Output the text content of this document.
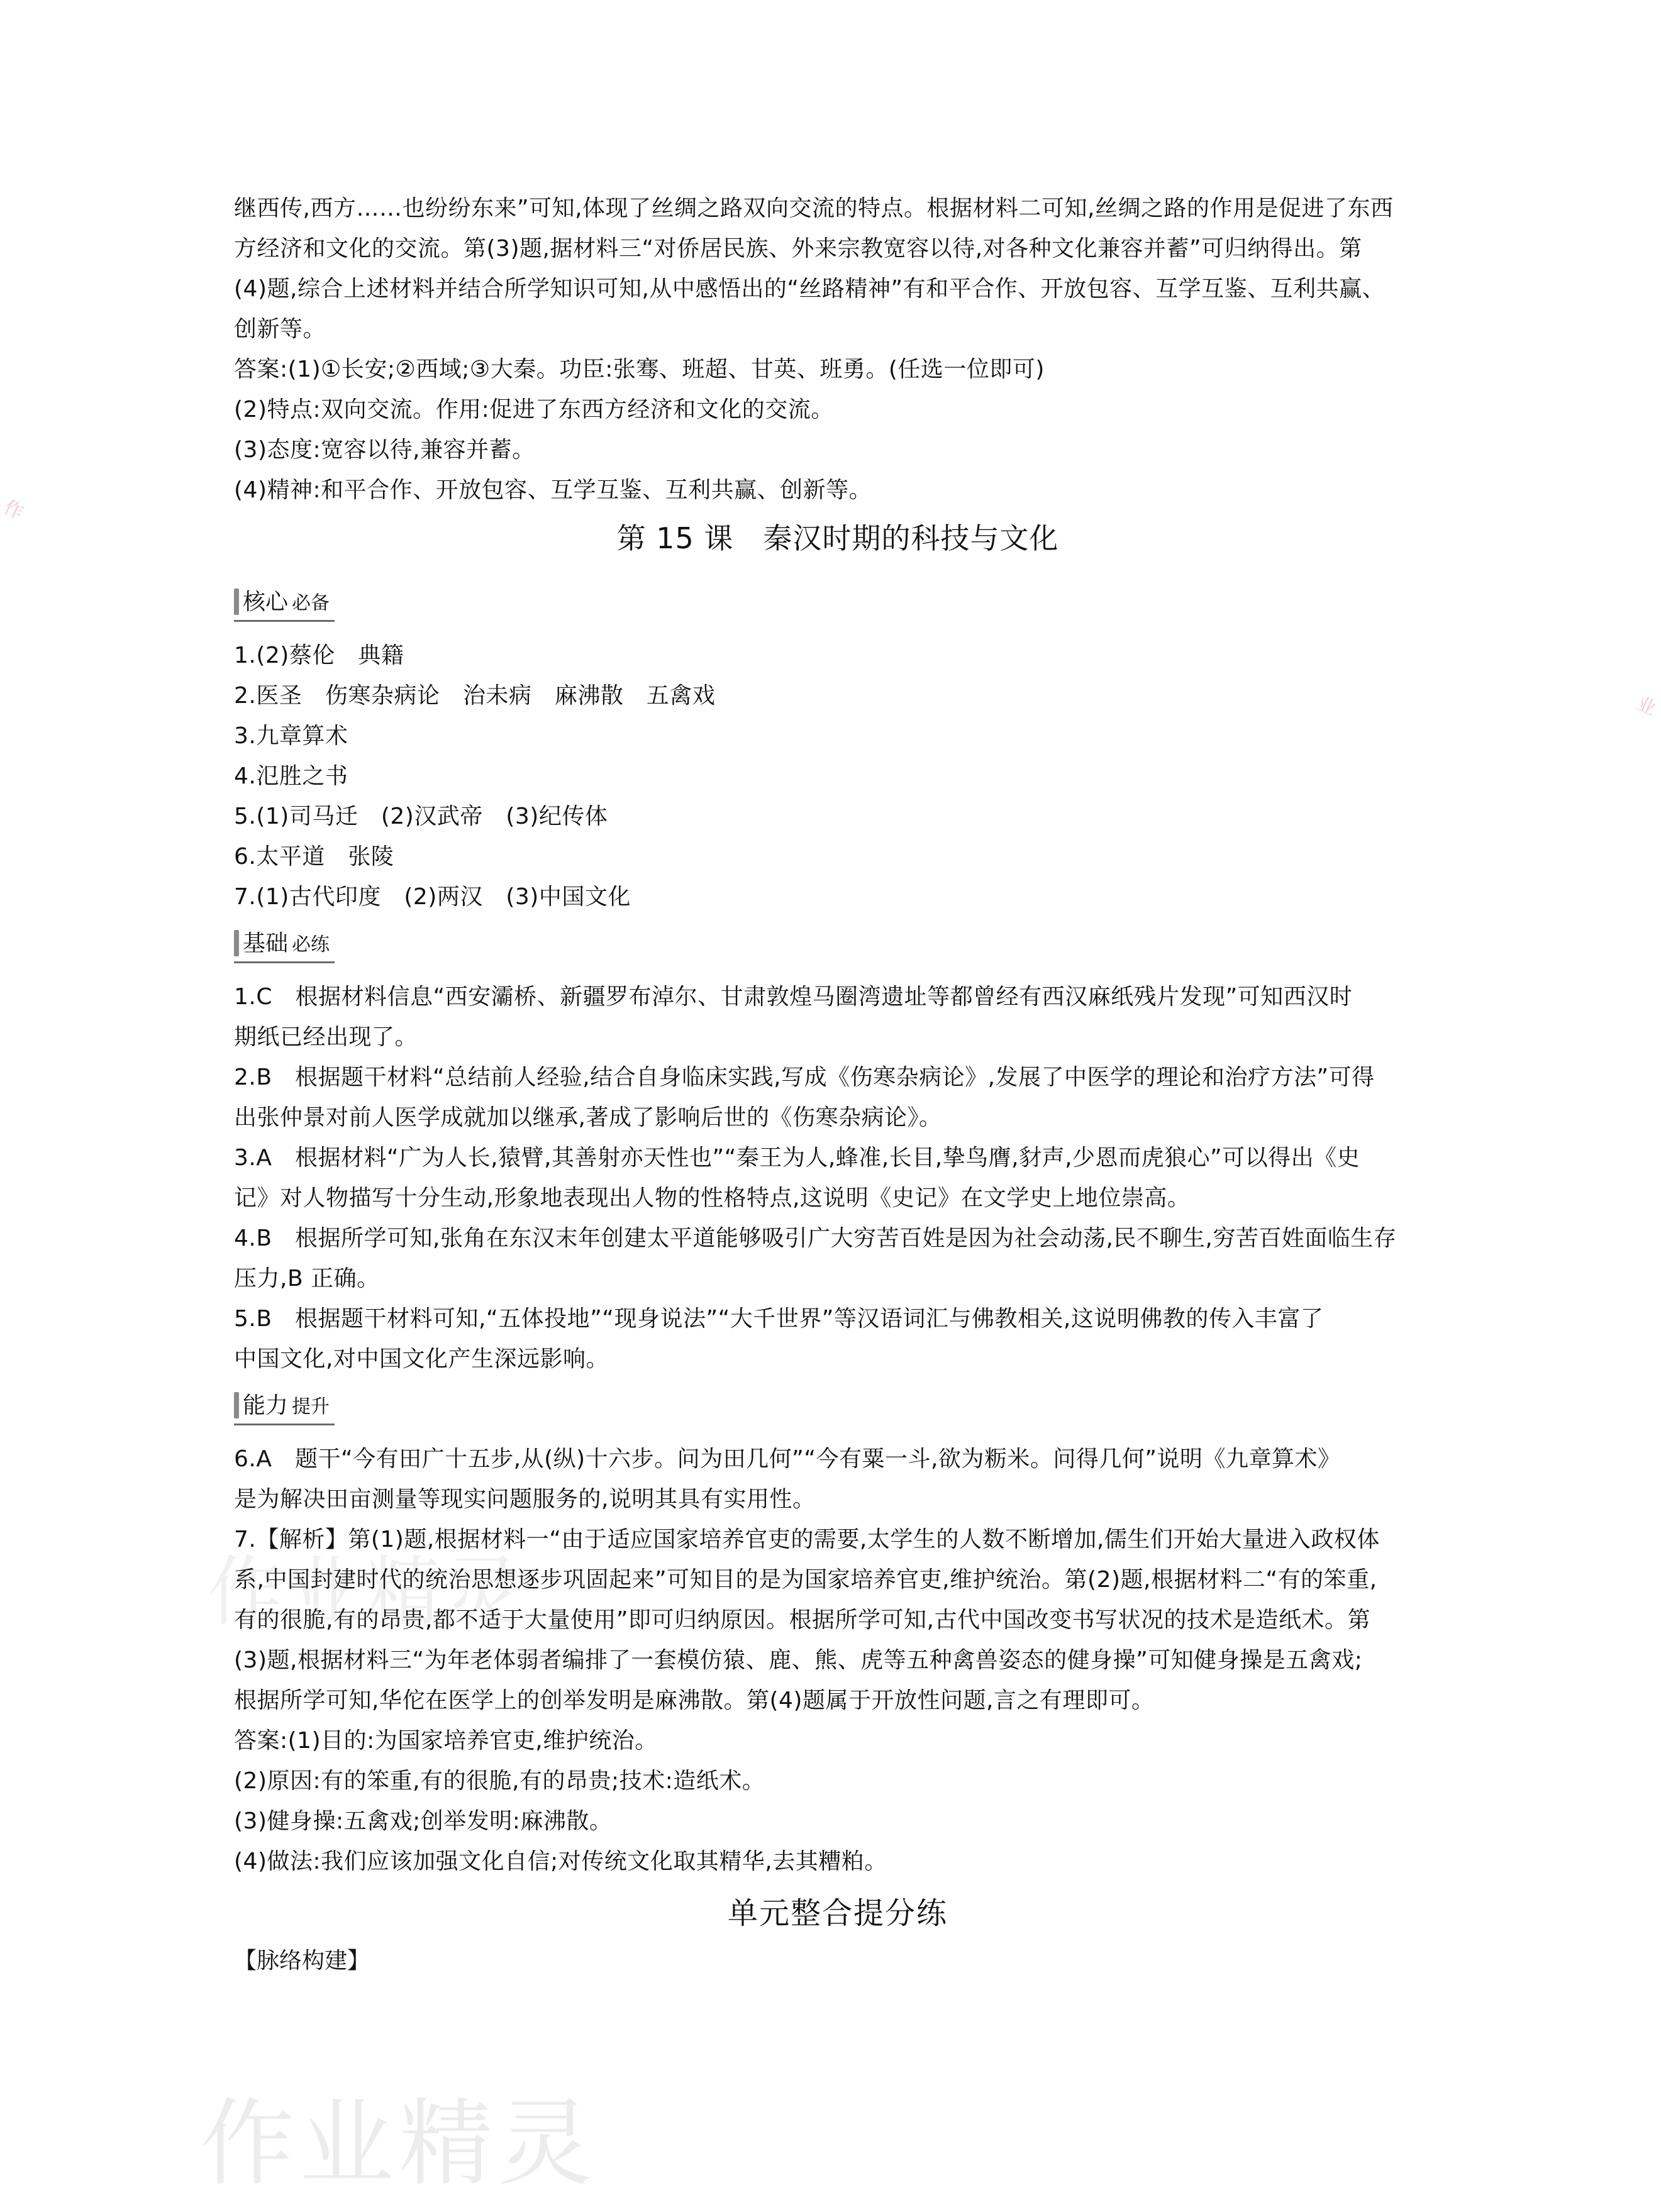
作业精灵
作
业
继西传,西方……也纷纷东来”可知,体现了丝绸之路双向交流的特点。根据材料二可知,丝绸之路的作用是促进了东西
方经济和文化的交流。第(3)题,据材料三“对侨居民族、外来宗教宽容以待,对各种文化兼容并蓄”可归纳得出。第
(4)题,综合上述材料并结合所学知识可知,从中感悟出的“丝路精神”有和平合作、开放包容、互学互鉴、互利共赢、
创新等。
答案:(1)①长安;②西域;③大秦。功臣:张骞、班超、甘英、班勇。(任选一位即可)
(2)特点:双向交流。作用:促进了东西方经济和文化的交流。
(3)态度:宽容以待,兼容并蓄。
(4)精神:和平合作、开放包容、互学互鉴、互利共赢、创新等。
第 15 课　秦汉时期的科技与文化
核心 必备
1.(2)蔡伦　典籍
2.医圣　伤寒杂病论　治未病　麻沸散　五禽戏
3.九章算术
4.氾胜之书
5.(1)司马迁　(2)汉武帝　(3)纪传体
6.太平道　张陵
7.(1)古代印度　(2)两汉　(3)中国文化
基础 必练
1.C　根据材料信息“西安灞桥、新疆罗布淖尔、甘肃敦煌马圈湾遗址等都曾经有西汉麻纸残片发现”可知西汉时
期纸已经出现了。
2.B　根据题干材料“总结前人经验,结合自身临床实践,写成《伤寒杂病论》,发展了中医学的理论和治疗方法”可得
出张仲景对前人医学成就加以继承,著成了影响后世的《伤寒杂病论》。
3.A　根据材料“广为人长,猿臂,其善射亦天性也”“秦王为人,蜂准,长目,挚鸟膺,豺声,少恩而虎狼心”可以得出《史
记》对人物描写十分生动,形象地表现出人物的性格特点,这说明《史记》在文学史上地位崇高。
4.B　根据所学可知,张角在东汉末年创建太平道能够吸引广大穷苦百姓是因为社会动荡,民不聊生,穷苦百姓面临生存
压力,B 正确。
5.B　根据题干材料可知,“五体投地”“现身说法”“大千世界”等汉语词汇与佛教相关,这说明佛教的传入丰富了
中国文化,对中国文化产生深远影响。
能力 提升
6.A　题干“今有田广十五步,从(纵)十六步。问为田几何”“今有粟一斗,欲为粝米。问得几何”说明《九章算术》
是为解决田亩测量等现实问题服务的,说明其具有实用性。
7.【解析】第(1)题,根据材料一“由于适应国家培养官吏的需要,太学生的人数不断增加,儒生们开始大量进入政权体
系,中国封建时代的统治思想逐步巩固起来”可知目的是为国家培养官吏,维护统治。第(2)题,根据材料二“有的笨重,
有的很脆,有的昂贵,都不适于大量使用”即可归纳原因。根据所学可知,古代中国改变书写状况的技术是造纸术。第
(3)题,根据材料三“为年老体弱者编排了一套模仿猿、鹿、熊、虎等五种禽兽姿态的健身操”可知健身操是五禽戏;
根据所学可知,华佗在医学上的创举发明是麻沸散。第(4)题属于开放性问题,言之有理即可。
答案:(1)目的:为国家培养官吏,维护统治。
(2)原因:有的笨重,有的很脆,有的昂贵;技术:造纸术。
(3)健身操:五禽戏;创举发明:麻沸散。
(4)做法:我们应该加强文化自信;对传统文化取其精华,去其糟粕。
单元整合提分练
【脉络构建】
作业精灵
